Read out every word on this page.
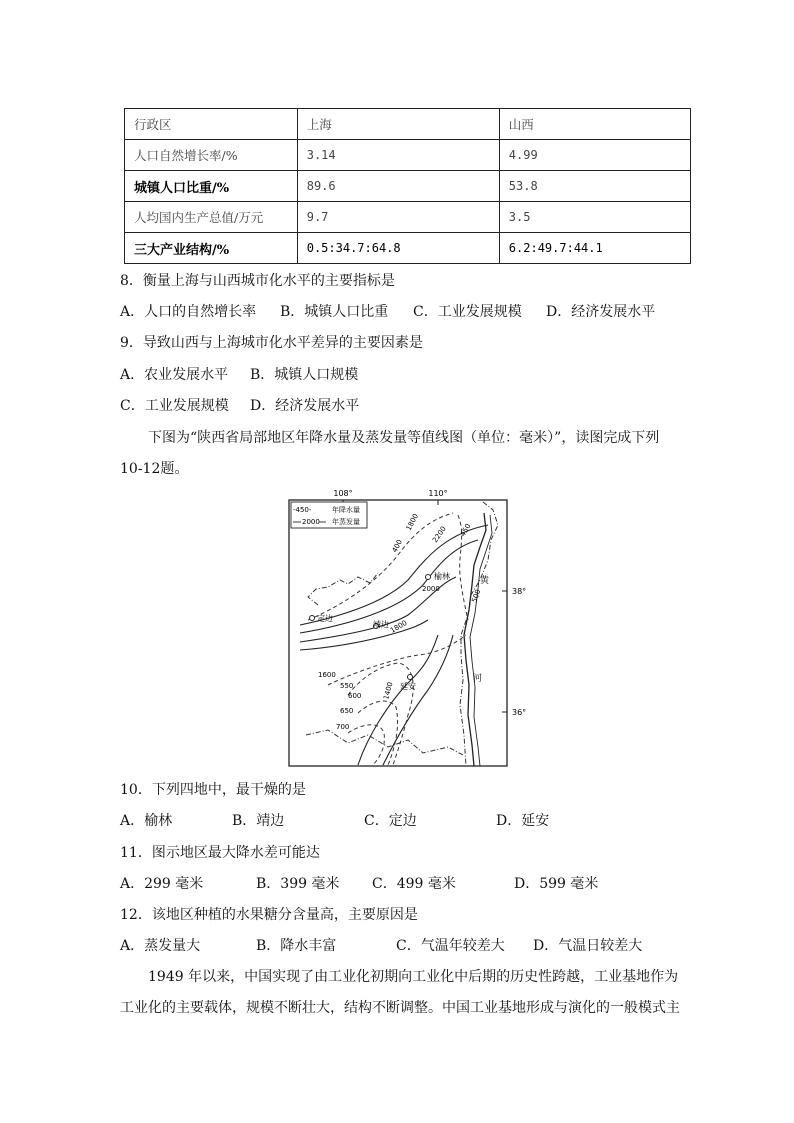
行政区	上海	山西
人口自然增长率/%	3.14	4.99
城镇人口比重/%	89.6	53.8
人均国内生产总值/万元	9.7	3.5
三大产业结构/%	0.5:34.7:64.8	6.2:49.7:44.1
8．衡量上海与山西城市化水平的主要指标是
A．人口的自然增长率 B．城镇人口比重 C．工业发展规模 D．经济发展水平
9．导致山西与上海城市化水平差异的主要因素是
A．农业发展水平 B．城镇人口规模
C．工业发展规模 D．经济发展水平
下图为“陕西省局部地区年降水量及蒸发量等值线图（单位：毫米）”，读图完成下列
10-12题。
108°	110°
38°
36°
-450-	年降水量
2000 年蒸发量
黄
河
榆林
定边
靖边
延安
400
2200
1800	450
500
2000
1800
1600
550
600
650
700
1400
10．下列四地中，最干燥的是
A．榆林	B．靖边	C．定边	D．延安
11．图示地区最大降水差可能达
A．299 毫米	B．399 毫米 C．499 毫米	D．599 毫米
12．该地区种植的水果糖分含量高，主要原因是
A．蒸发量大	B．降水丰富	C．气温年较差大 D．气温日较差大
1949 年以来，中国实现了由工业化初期向工业化中后期的历史性跨越，工业基地作为
工业化的主要载体，规模不断壮大，结构不断调整。中国工业基地形成与演化的一般模式主
